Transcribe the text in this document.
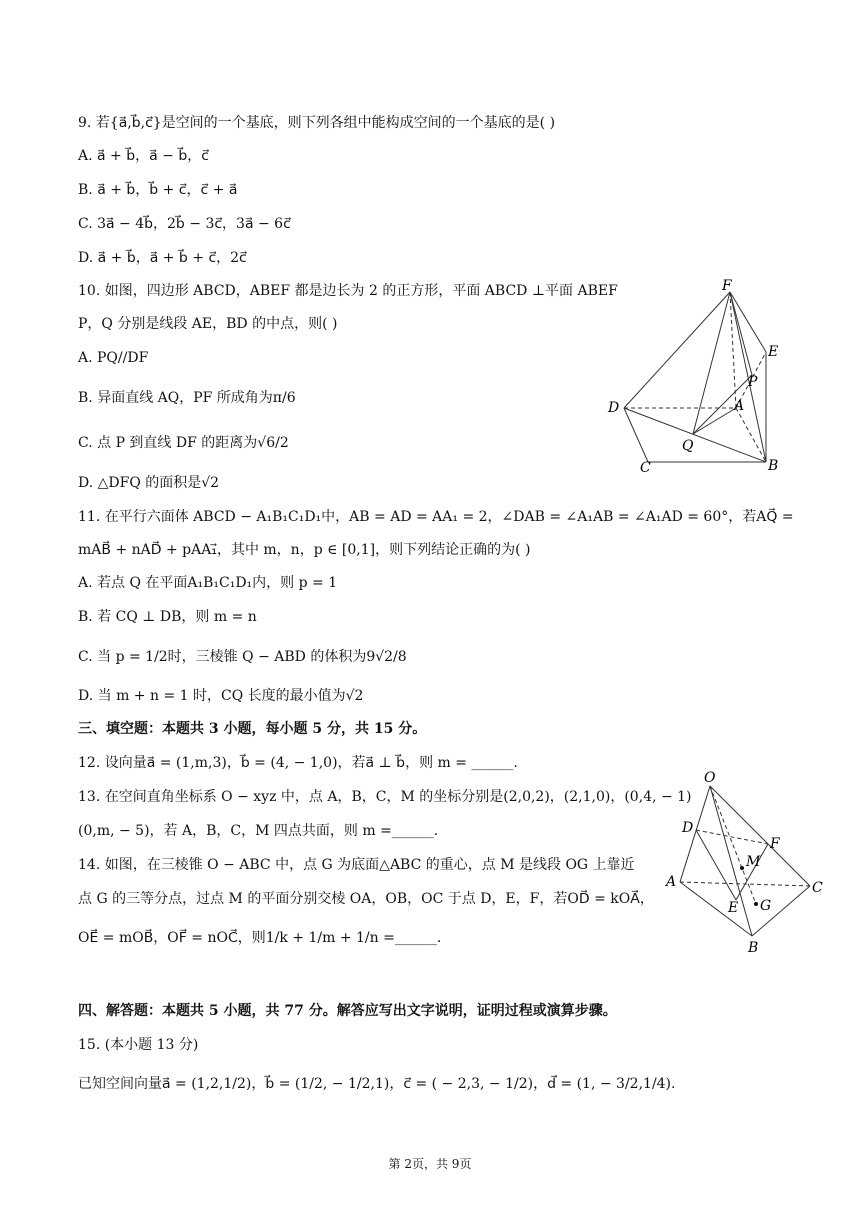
9. 若{a⃗,b⃗,c⃗}是空间的一个基底，则下列各组中能构成空间的一个基底的是( )
A. a⃗ + b⃗，a⃗ − b⃗，c⃗
B. a⃗ + b⃗，b⃗ + c⃗，c⃗ + a⃗
C. 3a⃗ − 4b⃗，2b⃗ − 3c⃗，3a⃗ − 6c⃗
D. a⃗ + b⃗，a⃗ + b⃗ + c⃗，2c⃗
10. 如图，四边形 ABCD，ABEF 都是边长为 2 的正方形，平面 ABCD ⊥平面 ABEF
P，Q 分别是线段 AE，BD 的中点，则( )
A. PQ//DF
B. 异面直线 AQ，PF 所成角为π/6
C. 点 P 到直线 DF 的距离为√6/2
D. △DFQ 的面积是√2
F
E
P
D	A
Q
C	B
11. 在平行六面体 ABCD − A₁B₁C₁D₁中，AB = AD = AA₁ = 2，∠DAB = ∠A₁AB = ∠A₁AD = 60°，若AQ⃗ =
mAB⃗ + nAD⃗ + pAA₁⃗，其中 m，n，p ∈ [0,1]，则下列结论正确的为( )
A. 若点 Q 在平面A₁B₁C₁D₁内，则 p = 1
B. 若 CQ ⊥ DB，则 m = n
C. 当 p = 1/2时，三棱锥 Q − ABD 的体积为9√2/8
D. 当 m + n = 1 时，CQ 长度的最小值为√2
三、填空题：本题共 3 小题，每小题 5 分，共 15 分。
12. 设向量a⃗ = (1,m,3)，b⃗ = (4, − 1,0)，若a⃗ ⊥ b⃗，则 m = ______.
13. 在空间直角坐标系 O − xyz 中，点 A，B，C，M 的坐标分别是(2,0,2)，(2,1,0)，(0,4, − 1)
(0,m, − 5)，若 A，B，C，M 四点共面，则 m =______.
14. 如图，在三棱锥 O − ABC 中，点 G 为底面△ABC 的重心，点 M 是线段 OG 上靠近
点 G 的三等分点，过点 M 的平面分别交棱 OA，OB，OC 于点 D，E，F，若OD⃗ = kOA⃗，
OE⃗ = mOB⃗，OF⃗ = nOC⃗，则1/k + 1/m + 1/n =______.
O
D
F
M
A	C
E G
B
四、解答题：本题共 5 小题，共 77 分。解答应写出文字说明，证明过程或演算步骤。
15. (本小题 13 分)
已知空间向量a⃗ = (1,2,1/2)，b⃗ = (1/2, − 1/2,1)，c⃗ = ( − 2,3, − 1/2)，d⃗ = (1, − 3/2,1/4).
第 2页，共 9页
